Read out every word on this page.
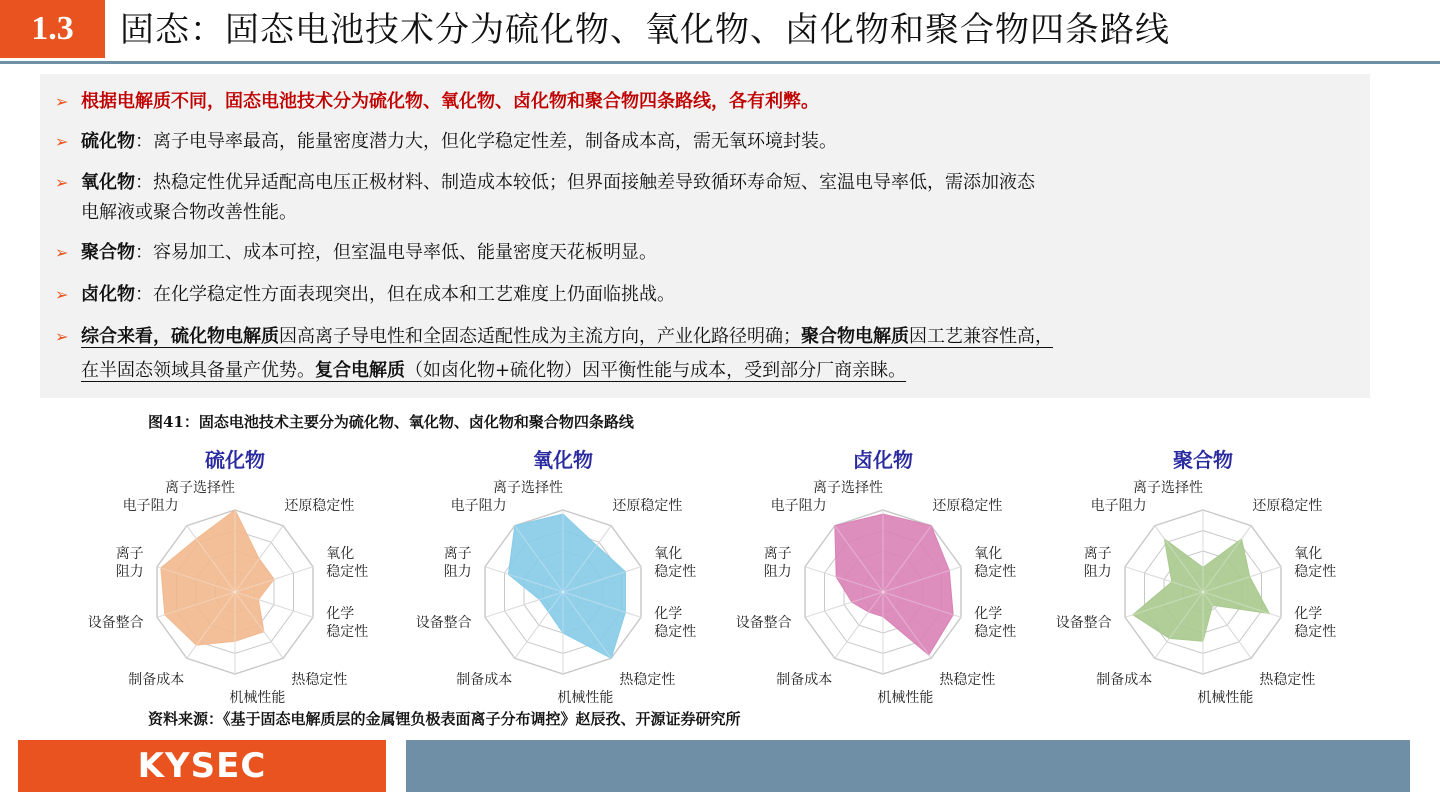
1.3	固态：固态电池技术分为硫化物、氧化物、卤化物和聚合物四条路线
➢ 根据电解质不同，固态电池技术分为硫化物、氧化物、卤化物和聚合物四条路线，各有利弊。
➢ 硫化物：离子电导率最高，能量密度潜力大，但化学稳定性差，制备成本高，需无氧环境封装。
➢ 氧化物：热稳定性优异适配高电压正极材料、制造成本较低；但界面接触差导致循环寿命短、室温电导率低，需添加液态
电解液或聚合物改善性能。
➢ 聚合物：容易加工、成本可控，但室温电导率低、能量密度天花板明显。
➢ 卤化物：在化学稳定性方面表现突出，但在成本和工艺难度上仍面临挑战。
➢ 综合来看，硫化物电解质因高离子导电性和全固态适配性成为主流方向，产业化路径明确；聚合物电解质因工艺兼容性高，
在半固态领域具备量产优势。复合电解质（如卤化物+硫化物）因平衡性能与成本，受到部分厂商亲睐。
图41：固态电池技术主要分为硫化物、氧化物、卤化物和聚合物四条路线
硫化物
离子选择性
还原稳定性
氧化
稳定性
化学
稳定性
热稳定性
机械性能
制备成本
设备整合
离子
阻力
电子阻力
氧化物
离子选择性
还原稳定性
氧化
稳定性
化学
稳定性
热稳定性
机械性能
制备成本
设备整合
离子
阻力
电子阻力
卤化物
离子选择性
还原稳定性
氧化
稳定性
化学
稳定性
热稳定性
机械性能
制备成本
设备整合
离子
阻力
电子阻力
聚合物
离子选择性
还原稳定性
氧化
稳定性
化学
稳定性
热稳定性
机械性能
制备成本
设备整合
离子
阻力
电子阻力
资料来源：《基于固态电解质层的金属锂负极表面离子分布调控》赵辰孜、开源证券研究所
KYSEC
